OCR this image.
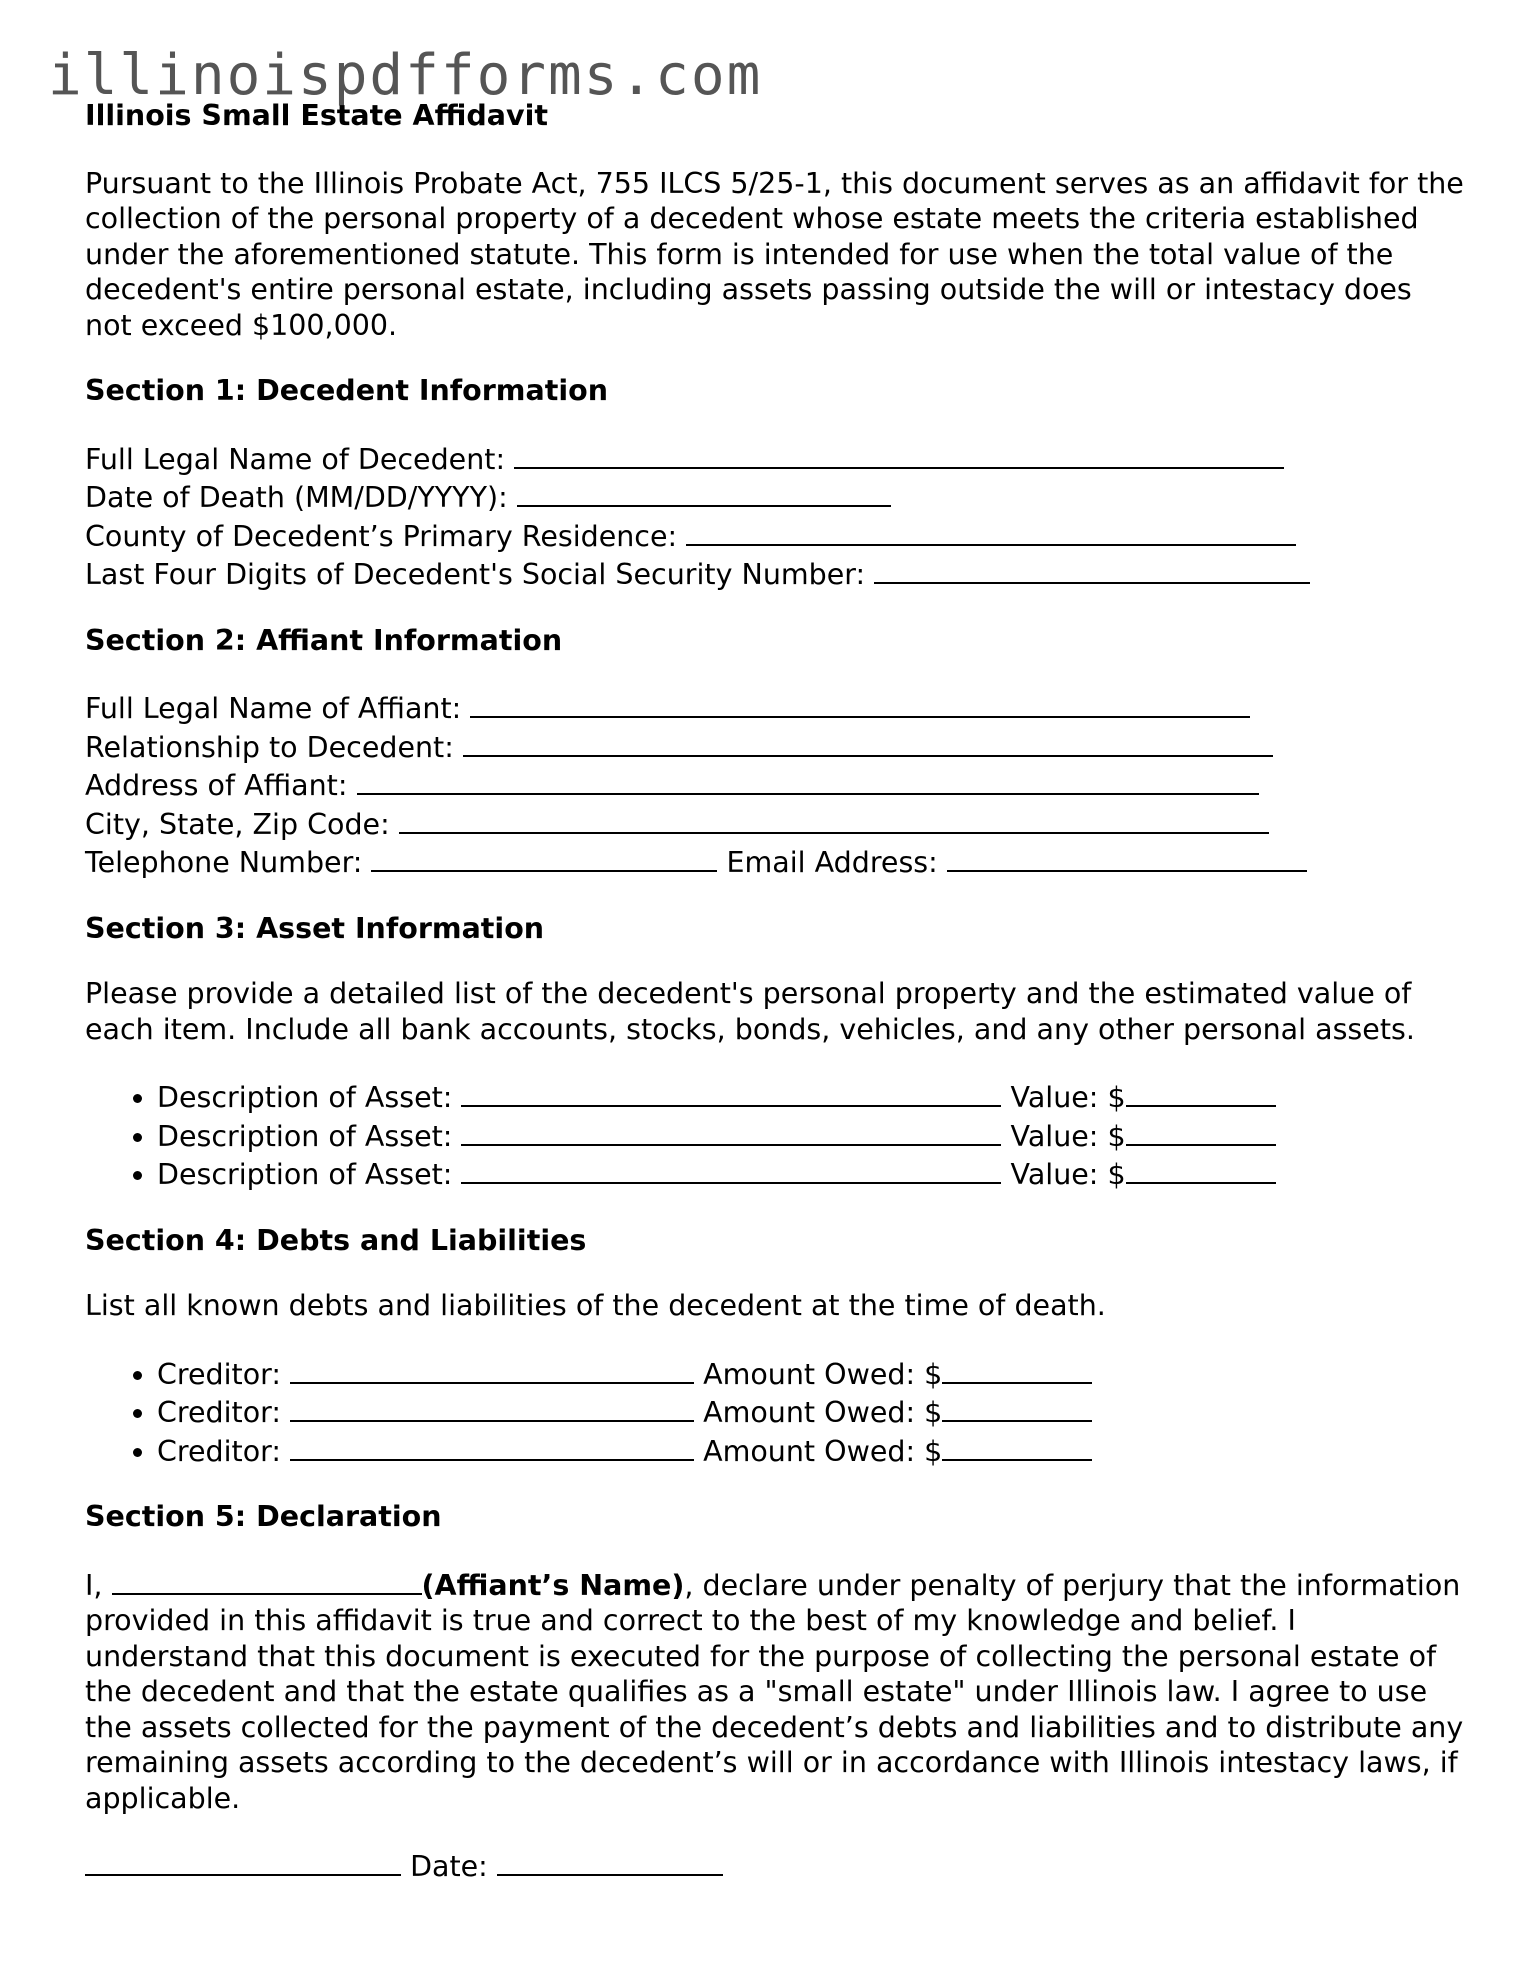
illinoispdfforms.com

Illinois Small Estate Affidavit

Pursuant to the Illinois Probate Act, 755 ILCS 5/25-1, this document serves as an affidavit for the collection of the personal property of a decedent whose estate meets the criteria established under the aforementioned statute. This form is intended for use when the total value of the decedent's entire personal estate, including assets passing outside the will or intestacy does not exceed $100,000.

Section 1: Decedent Information

Full Legal Name of Decedent:
Date of Death (MM/DD/YYYY):
County of Decedent’s Primary Residence:
Last Four Digits of Decedent's Social Security Number:

Section 2: Affiant Information

Full Legal Name of Affiant:
Relationship to Decedent:
Address of Affiant:
City, State, Zip Code:
Telephone Number:	Email Address:

Section 3: Asset Information

Please provide a detailed list of the decedent's personal property and the estimated value of each item. Include all bank accounts, stocks, bonds, vehicles, and any other personal assets.

• Description of Asset:	Value: $
• Description of Asset:	Value: $
• Description of Asset:	Value: $

Section 4: Debts and Liabilities

List all known debts and liabilities of the decedent at the time of death.

• Creditor:	Amount Owed: $
• Creditor:	Amount Owed: $
• Creditor:	Amount Owed: $

Section 5: Declaration

I,	(Affiant’s Name), declare under penalty of perjury that the information provided in this affidavit is true and correct to the best of my knowledge and belief. I understand that this document is executed for the purpose of collecting the personal estate of the decedent and that the estate qualifies as a "small estate" under Illinois law. I agree to use the assets collected for the payment of the decedent’s debts and liabilities and to distribute any remaining assets according to the decedent’s will or in accordance with Illinois intestacy laws, if applicable.

Date:
